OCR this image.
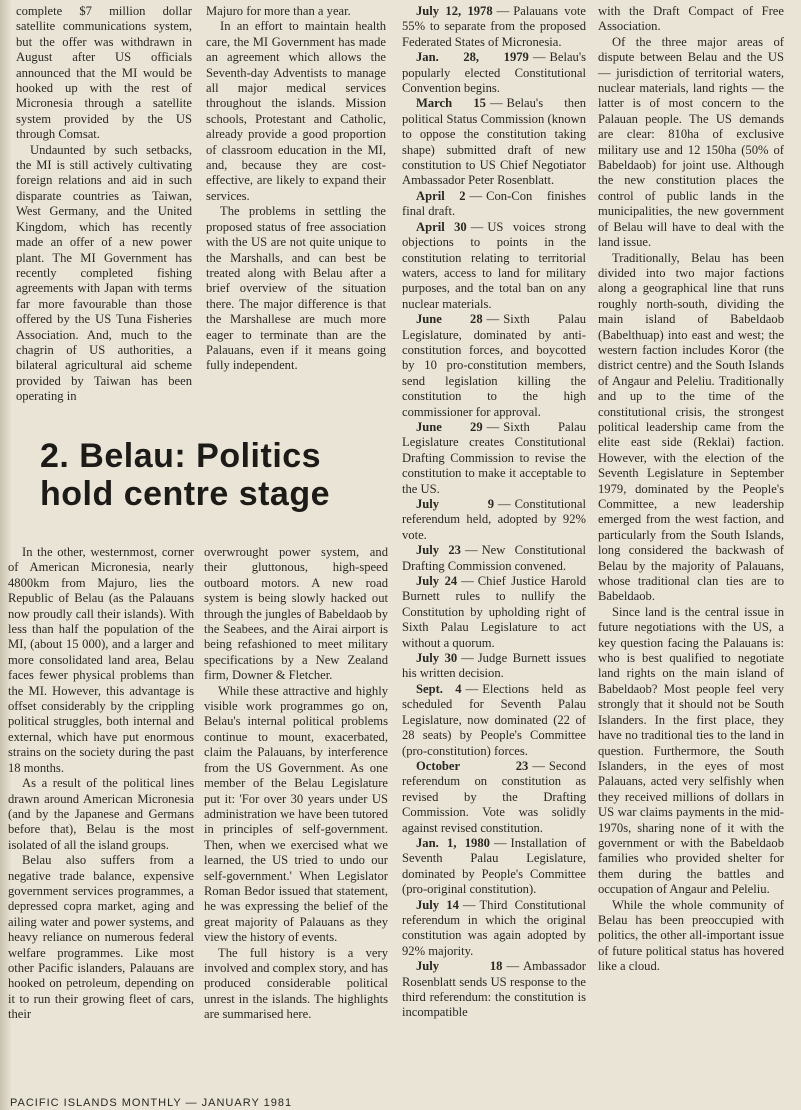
complete $7 million dollar satellite communications system, but the offer was withdrawn in August after US officials announced that the MI would be hooked up with the rest of Micronesia through a satellite system provided by the US through Comsat.

Undaunted by such setbacks, the MI is still actively cultivating foreign relations and aid in such disparate countries as Taiwan, West Germany, and the United Kingdom, which has recently made an offer of a new power plant. The MI Government has recently completed fishing agreements with Japan with terms far more favourable than those offered by the US Tuna Fisheries Association. And, much to the chagrin of US authorities, a bilateral agricultural aid scheme provided by Taiwan has been operating in

Majuro for more than a year.

In an effort to maintain health care, the MI Government has made an agreement which allows the Seventh-day Adventists to manage all major medical services throughout the islands. Mission schools, Protestant and Catholic, already provide a good proportion of classroom education in the MI, and, because they are cost-effective, are likely to expand their services.

The problems in settling the proposed status of free association with the US are not quite unique to the Marshalls, and can best be treated along with Belau after a brief overview of the situation there. The major difference is that the Marshallese are much more eager to terminate than are the Palauans, even if it means going fully independent.

2. Belau: Politics
hold centre stage

In the other, westernmost, corner of American Micronesia, nearly 4800km from Majuro, lies the Republic of Belau (as the Palauans now proudly call their islands). With less than half the population of the MI, (about 15 000), and a larger and more consolidated land area, Belau faces fewer physical problems than the MI. However, this advantage is offset considerably by the crippling political struggles, both internal and external, which have put enormous strains on the society during the past 18 months.

As a result of the political lines drawn around American Micronesia (and by the Japanese and Germans before that), Belau is the most isolated of all the island groups.

Belau also suffers from a negative trade balance, expensive government services programmes, a depressed copra market, aging and ailing water and power systems, and heavy reliance on numerous federal welfare programmes. Like most other Pacific islanders, Palauans are hooked on petroleum, depending on it to run their growing fleet of cars, their

overwrought power system, and their gluttonous, high-speed outboard motors. A new road system is being slowly hacked out through the jungles of Babeldaob by the Seabees, and the Airai airport is being refashioned to meet military specifications by a New Zealand firm, Downer & Fletcher.

While these attractive and highly visible work programmes go on, Belau's internal political problems continue to mount, exacerbated, claim the Palauans, by interference from the US Government. As one member of the Belau Legislature put it: 'For over 30 years under US administration we have been tutored in principles of self-government. Then, when we exercised what we learned, the US tried to undo our self-government.' When Legislator Roman Bedor issued that statement, he was expressing the belief of the great majority of Palauans as they view the history of events.

The full history is a very involved and complex story, and has produced considerable political unrest in the islands. The highlights are summarised here.

July 12, 1978 — Palauans vote 55% to separate from the proposed Federated States of Micronesia.

Jan. 28, 1979 — Belau's popularly elected Constitutional Convention begins.

March 15 — Belau's then political Status Commission (known to oppose the constitution taking shape) submitted draft of new constitution to US Chief Negotiator Ambassador Peter Rosenblatt.

April 2 — Con-Con finishes final draft.

April 30 — US voices strong objections to points in the constitution relating to territorial waters, access to land for military purposes, and the total ban on any nuclear materials.

June 28 — Sixth Palau Legislature, dominated by anti-constitution forces, and boycotted by 10 pro-constitution members, send legislation killing the constitution to the high commissioner for approval.

June 29 — Sixth Palau Legislature creates Constitutional Drafting Commission to revise the constitution to make it acceptable to the US.

July 9 — Constitutional referendum held, adopted by 92% vote.

July 23 — New Constitutional Drafting Commission convened.

July 24 — Chief Justice Harold Burnett rules to nullify the Constitution by upholding right of Sixth Palau Legislature to act without a quorum.

July 30 — Judge Burnett issues his written decision.

Sept. 4 — Elections held as scheduled for Seventh Palau Legislature, now dominated (22 of 28 seats) by People's Committee (pro-constitution) forces.

October 23 — Second referendum on constitution as revised by the Drafting Commission. Vote was solidly against revised constitution.

Jan. 1, 1980 — Installation of Seventh Palau Legislature, dominated by People's Committee (pro-original constitution).

July 14 — Third Constitutional referendum in which the original constitution was again adopted by 92% majority.

July 18 — Ambassador Rosenblatt sends US response to the third referendum: the constitution is incompatible

with the Draft Compact of Free Association.

Of the three major areas of dispute between Belau and the US — jurisdiction of territorial waters, nuclear materials, land rights — the latter is of most concern to the Palauan people. The US demands are clear: 810ha of exclusive military use and 12 150ha (50% of Babeldaob) for joint use. Although the new constitution places the control of public lands in the municipalities, the new government of Belau will have to deal with the land issue.

Traditionally, Belau has been divided into two major factions along a geographical line that runs roughly north-south, dividing the main island of Babeldaob (Babelthuap) into east and west; the western faction includes Koror (the district centre) and the South Islands of Angaur and Peleliu. Traditionally and up to the time of the constitutional crisis, the strongest political leadership came from the elite east side (Reklai) faction. However, with the election of the Seventh Legislature in September 1979, dominated by the People's Committee, a new leadership emerged from the west faction, and particularly from the South Islands, long considered the backwash of Belau by the majority of Palauans, whose traditional clan ties are to Babeldaob.

Since land is the central issue in future negotiations with the US, a key question facing the Palauans is: who is best qualified to negotiate land rights on the main island of Babeldaob? Most people feel very strongly that it should not be South Islanders. In the first place, they have no traditional ties to the land in question. Furthermore, the South Islanders, in the eyes of most Palauans, acted very selfishly when they received millions of dollars in US war claims payments in the mid-1970s, sharing none of it with the government or with the Babeldaob families who provided shelter for them during the battles and occupation of Angaur and Peleliu.

While the whole community of Belau has been preoccupied with politics, the other all-important issue of future political status has hovered like a cloud.

PACIFIC ISLANDS MONTHLY — JANUARY 1981
